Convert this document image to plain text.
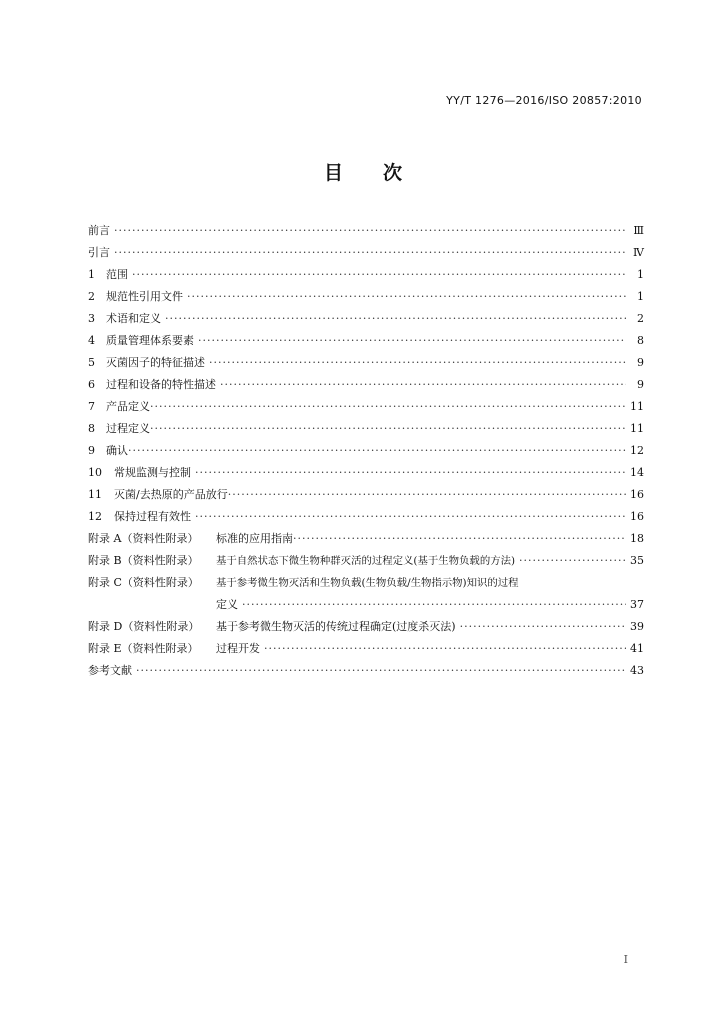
YY/T 1276—2016/ISO 20857:2010
目 次
前言 ·····	Ⅲ
引言 ·····	Ⅳ
1 范围 ·····	1
2 规范性引用文件 ·····	1
3 术语和定义 ·····	2
4 质量管理体系要素 ·····	8
5 灭菌因子的特征描述 ·····	9
6 过程和设备的特性描述 ·····	9
7 产品定义 ·····	11
8 过程定义 ·····	11
9 确认 ·····	12
10 常规监测与控制 ·····	14
11 灭菌/去热原的产品放行 ·····	16
12 保持过程有效性 ·····	16
附录 A（资料性附录） 标准的应用指南 ·····	18
附录 B（资料性附录） 基于自然状态下微生物种群灭活的过程定义(基于生物负载的方法) ·····	35
附录 C（资料性附录） 基于参考微生物灭活和生物负载(生物负载/生物指示物)知识的过程
定义 ·····	37
附录 D（资料性附录） 基于参考微生物灭活的传统过程确定(过度杀灭法) ·····	39
附录 E（资料性附录） 过程开发 ·····	41
参考文献 ·····	43
Ⅰ
